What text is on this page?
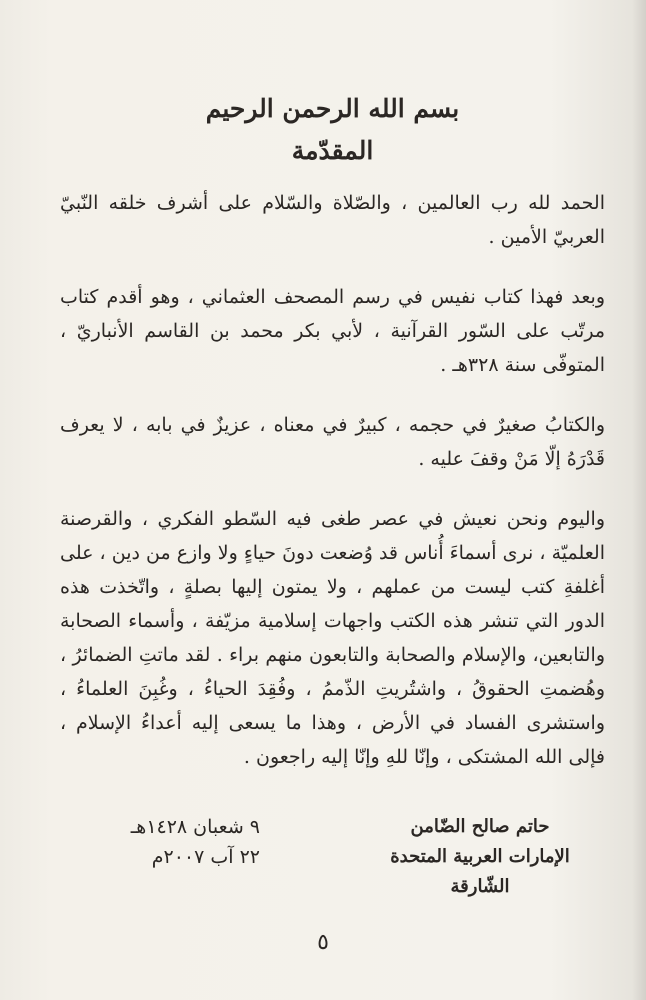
بسم الله الرحمن الرحيم
المقدّمة

الحمد لله رب العالمين ، والصّلاة والسّلام على أشرف خلقه النّبيّ العربيّ الأمين .

وبعد فهذا كتاب نفيس في رسم المصحف العثماني ، وهو أقدم كتاب مرتّب على السّور القرآنية ، لأبي بكر محمد بن القاسم الأنباريّ ، المتوفّى سنة ٣٢٨هـ .

والكتابُ صغيرٌ في حجمه ، كبيرٌ في معناه ، عزيزٌ في بابه ، لا يعرف قَدْرَهُ إلّا مَنْ وقفَ عليه .

واليوم ونحن نعيش في عصر طغى فيه السّطو الفكري ، والقرصنة العلميّة ، نرى أسماءَ أُناس قد وُضعت دونَ حياءٍ ولا وازع من دين ، على أغلفةِ كتب ليست من عملهم ، ولا يمتون إليها بصلةٍ ، واتّخذت هذه الدور التي تنشر هذه الكتب واجهات إسلامية مزيّفة ، وأسماء الصحابة والتابعين، والإسلام والصحابة والتابعون منهم براء . لقد ماتتِ الضمائرُ ، وهُضمتِ الحقوقُ ، واشتُريتِ الذّممُ ، وفُقِدَ الحياءُ ، وغُبِنَ العلماءُ ، واستشرى الفساد في الأرض ، وهذا ما يسعى إليه أعداءُ الإسلام ، فإلى الله المشتكى ، وإنّا للهِ وإنّا إليه راجعون .

حاتم صالح الضّامن
الإمارات العربية المتحدة
الشّارقة
٩ شعبان ١٤٢٨هـ
٢٢ آب ٢٠٠٧م
٥
